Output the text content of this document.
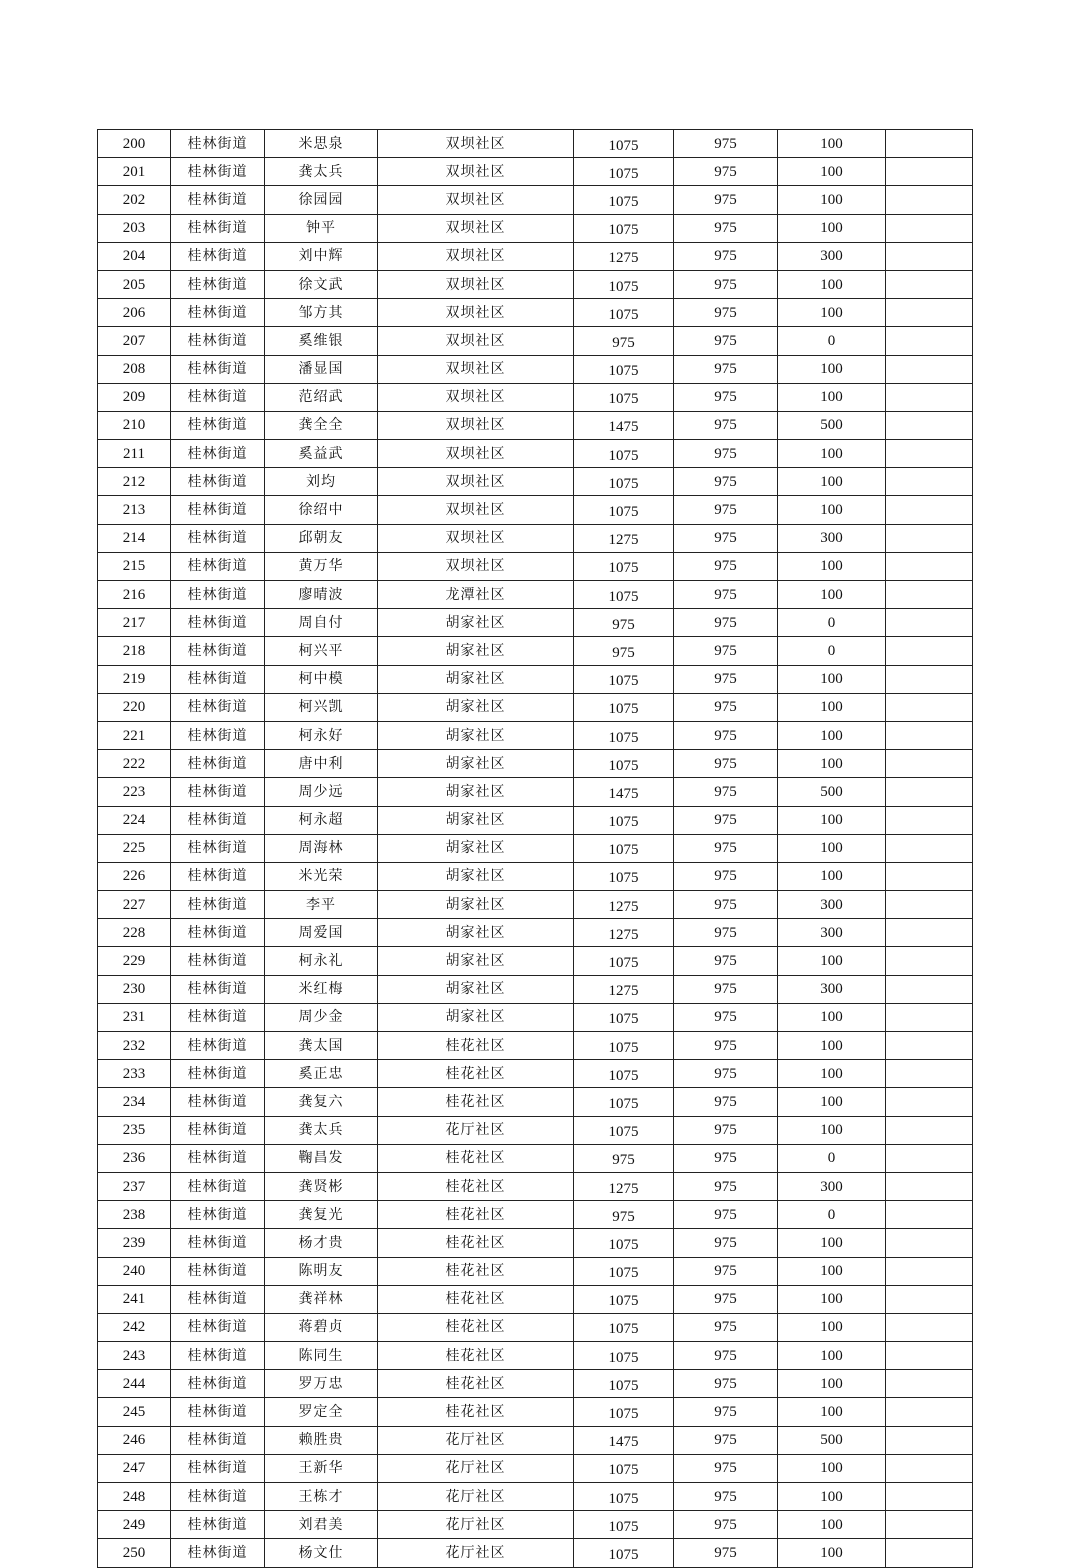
200	桂林街道	米思泉	双坝社区	1075	975	100	
201	桂林街道	龚太兵	双坝社区	1075	975	100	
202	桂林街道	徐园园	双坝社区	1075	975	100	
203	桂林街道	钟平	双坝社区	1075	975	100	
204	桂林街道	刘中辉	双坝社区	1275	975	300	
205	桂林街道	徐文武	双坝社区	1075	975	100	
206	桂林街道	邹方其	双坝社区	1075	975	100	
207	桂林街道	奚维银	双坝社区	975	975	0	
208	桂林街道	潘显国	双坝社区	1075	975	100	
209	桂林街道	范绍武	双坝社区	1075	975	100	
210	桂林街道	龚全全	双坝社区	1475	975	500	
211	桂林街道	奚益武	双坝社区	1075	975	100	
212	桂林街道	刘均	双坝社区	1075	975	100	
213	桂林街道	徐绍中	双坝社区	1075	975	100	
214	桂林街道	邱朝友	双坝社区	1275	975	300	
215	桂林街道	黄万华	双坝社区	1075	975	100	
216	桂林街道	廖晴波	龙潭社区	1075	975	100	
217	桂林街道	周自付	胡家社区	975	975	0	
218	桂林街道	柯兴平	胡家社区	975	975	0	
219	桂林街道	柯中模	胡家社区	1075	975	100	
220	桂林街道	柯兴凯	胡家社区	1075	975	100	
221	桂林街道	柯永好	胡家社区	1075	975	100	
222	桂林街道	唐中利	胡家社区	1075	975	100	
223	桂林街道	周少远	胡家社区	1475	975	500	
224	桂林街道	柯永超	胡家社区	1075	975	100	
225	桂林街道	周海林	胡家社区	1075	975	100	
226	桂林街道	米光荣	胡家社区	1075	975	100	
227	桂林街道	李平	胡家社区	1275	975	300	
228	桂林街道	周爱国	胡家社区	1275	975	300	
229	桂林街道	柯永礼	胡家社区	1075	975	100	
230	桂林街道	米红梅	胡家社区	1275	975	300	
231	桂林街道	周少金	胡家社区	1075	975	100	
232	桂林街道	龚太国	桂花社区	1075	975	100	
233	桂林街道	奚正忠	桂花社区	1075	975	100	
234	桂林街道	龚复六	桂花社区	1075	975	100	
235	桂林街道	龚太兵	花厅社区	1075	975	100	
236	桂林街道	鞠昌发	桂花社区	975	975	0	
237	桂林街道	龚贤彬	桂花社区	1275	975	300	
238	桂林街道	龚复光	桂花社区	975	975	0	
239	桂林街道	杨才贵	桂花社区	1075	975	100	
240	桂林街道	陈明友	桂花社区	1075	975	100	
241	桂林街道	龚祥林	桂花社区	1075	975	100	
242	桂林街道	蒋碧贞	桂花社区	1075	975	100	
243	桂林街道	陈同生	桂花社区	1075	975	100	
244	桂林街道	罗万忠	桂花社区	1075	975	100	
245	桂林街道	罗定全	桂花社区	1075	975	100	
246	桂林街道	赖胜贵	花厅社区	1475	975	500	
247	桂林街道	王新华	花厅社区	1075	975	100	
248	桂林街道	王栋才	花厅社区	1075	975	100	
249	桂林街道	刘君美	花厅社区	1075	975	100	
250	桂林街道	杨文仕	花厅社区	1075	975	100	
